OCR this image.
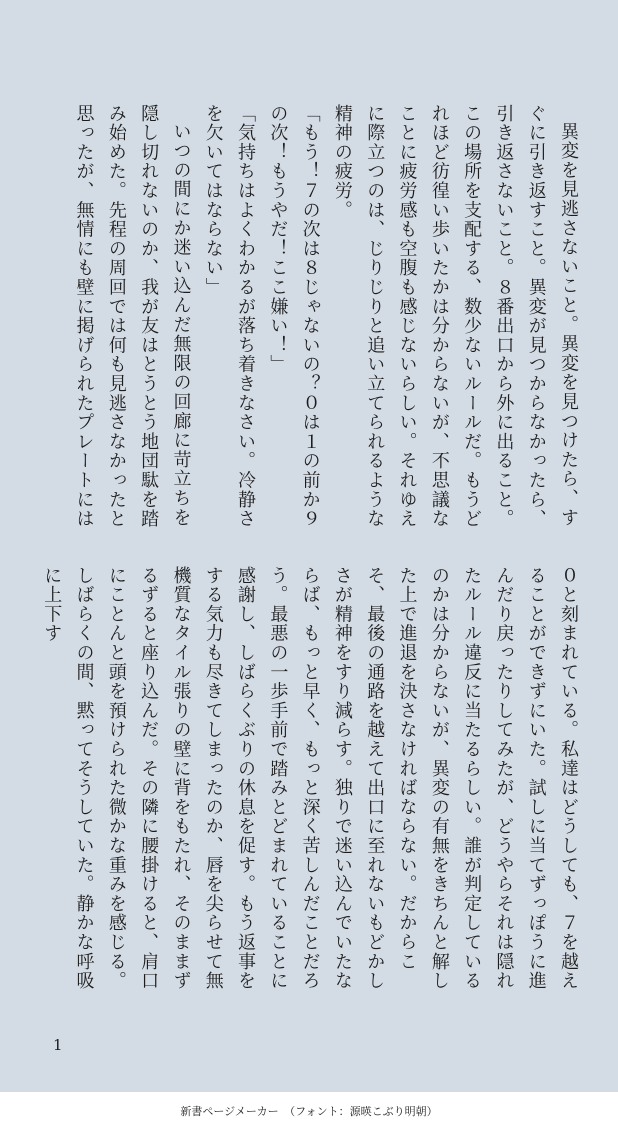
異変を見逃さないこと。異変を見つけたら、すぐに引き返すこと。異変が見つからなかったら、引き返さないこと。８番出口から外に出ること。この場所を支配する、数少ないルールだ。もうどれほど彷徨い歩いたかは分からないが、不思議なことに疲労感も空腹も感じないらしい。それゆえに際立つのは、じりじりと追い立てられるような精神の疲労。

「もう！７の次は８じゃないの？０は１の前か９の次！もうやだ！ここ嫌い！」

「気持ちはよくわかるが落ち着きなさい。冷静さを欠いてはならない」

いつの間にか迷い込んだ無限の回廊に苛立ちを隠し切れないのか、我が友はとうとう地団駄を踏み始めた。先程の周回では何も見逃さなかったと思ったが、無情にも壁に掲げられたプレートには

０と刻まれている。私達はどうしても、７を越えることができずにいた。試しに当てずっぽうに進んだり戻ったりしてみたが、どうやらそれは隠れたルール違反に当たるらしい。誰が判定しているのかは分からないが、異変の有無をきちんと解した上で進退を決さなければならない。だからこそ、最後の通路を越えて出口に至れないもどかしさが精神をすり減らす。独りで迷い込んでいたならば、もっと早く、もっと深く苦しんだことだろう。最悪の一歩手前で踏みとどまれていることに感謝し、しばらくぶりの休息を促す。もう返事をする気力も尽きてしまったのか、唇を尖らせて無機質なタイル張りの壁に背をもたれ、そのままずるずると座り込んだ。その隣に腰掛けると、肩口にことんと頭を預けられた微かな重みを感じる。しばらくの間、黙ってそうしていた。静かな呼吸に上下す

1
新書ページメーカー　（フォント：源暎こぶり明朝）
